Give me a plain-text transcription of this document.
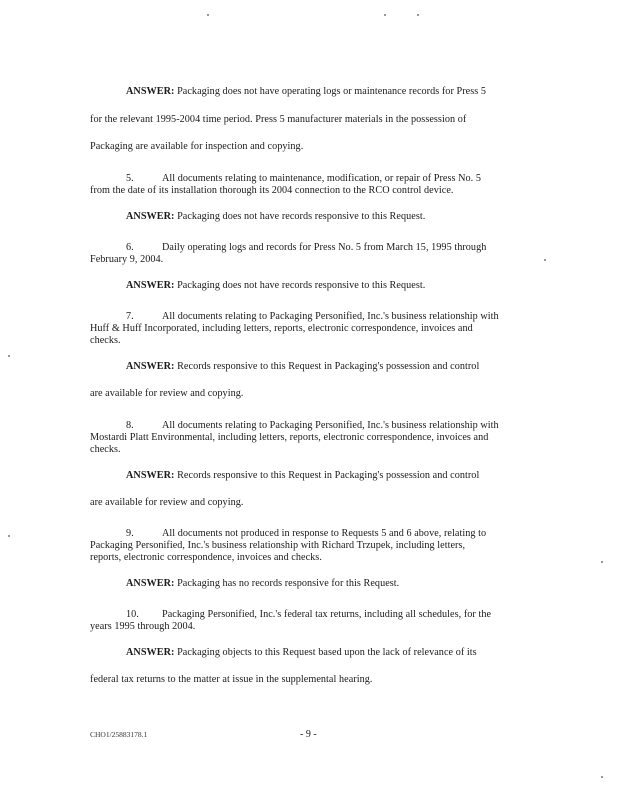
ANSWER: Packaging does not have operating logs or maintenance records for Press 5
for the relevant 1995-2004 time period. Press 5 manufacturer materials in the possession of
Packaging are available for inspection and copying.
5.	All documents relating to maintenance, modification, or repair of Press No. 5
from the date of its installation thorough its 2004 connection to the RCO control device.
ANSWER: Packaging does not have records responsive to this Request.
6.	Daily operating logs and records for Press No. 5 from March 15, 1995 through
February 9, 2004.
ANSWER: Packaging does not have records responsive to this Request.
7.	All documents relating to Packaging Personified, Inc.'s business relationship with
Huff & Huff Incorporated, including letters, reports, electronic correspondence, invoices and
checks.
ANSWER: Records responsive to this Request in Packaging's possession and control
are available for review and copying.
8.	All documents relating to Packaging Personified, Inc.'s business relationship with
Mostardi Platt Environmental, including letters, reports, electronic correspondence, invoices and
checks.
ANSWER: Records responsive to this Request in Packaging's possession and control
are available for review and copying.
9.	All documents not produced in response to Requests 5 and 6 above, relating to
Packaging Personified, Inc.'s business relationship with Richard Trzupek, including letters,
reports, electronic correspondence, invoices and checks.
ANSWER: Packaging has no records responsive for this Request.
10. Packaging Personified, Inc.'s federal tax returns, including all schedules, for the
years 1995 through 2004.
ANSWER: Packaging objects to this Request based upon the lack of relevance of its
federal tax returns to the matter at issue in the supplemental hearing.
CHO1/25883178.1	- 9 -
